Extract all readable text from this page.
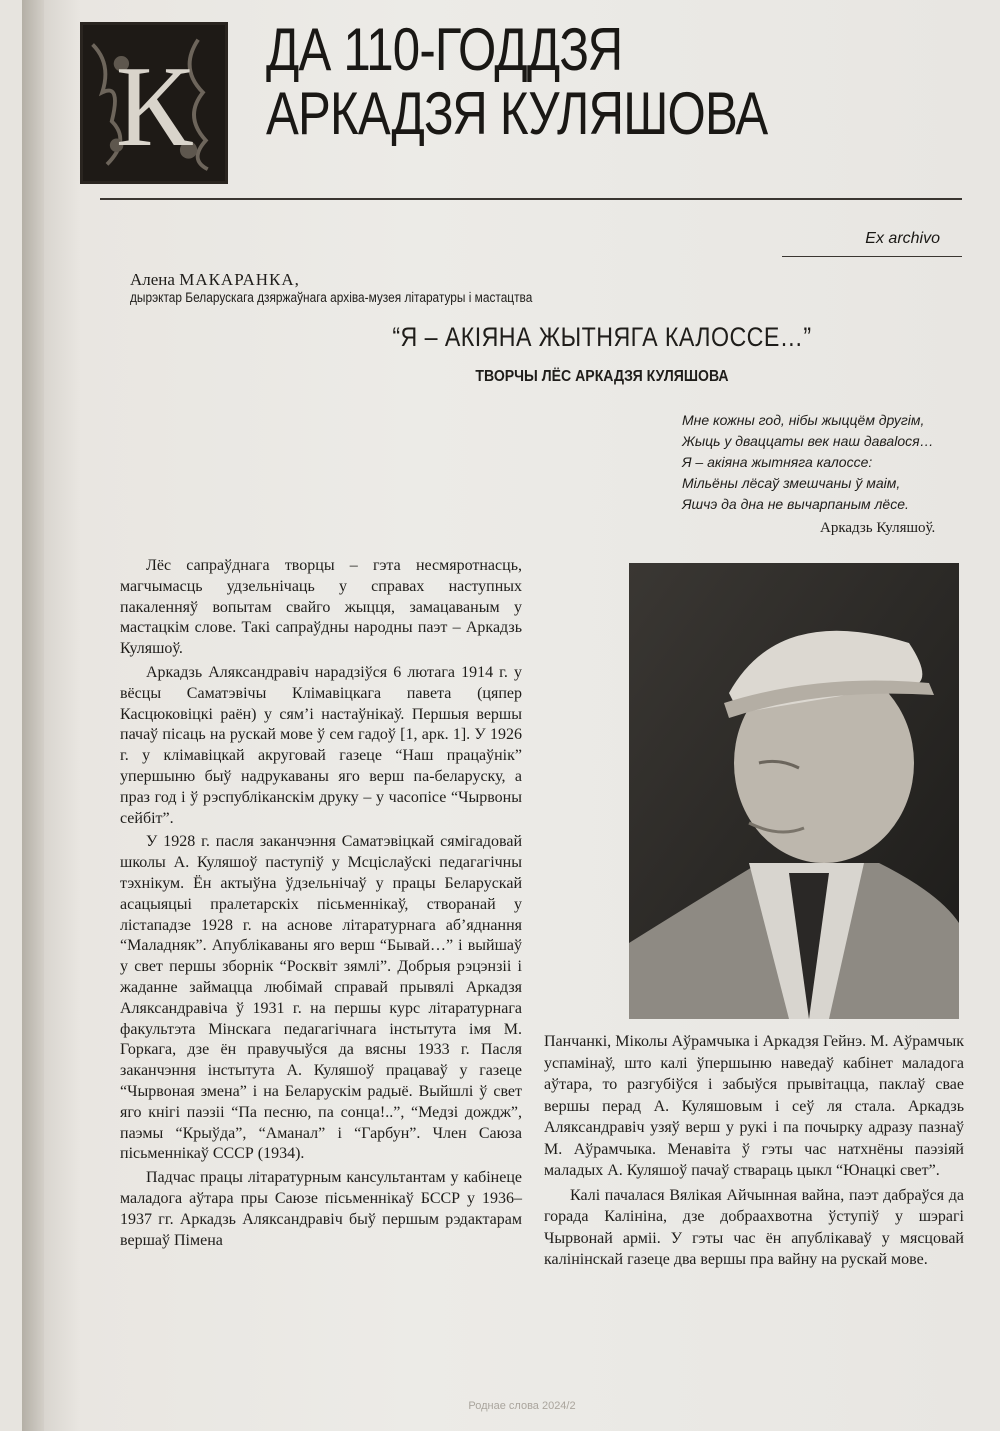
К ДА 110-ГОДДЗЯ
АРКАДЗЯ КУЛЯШОВА
Ex archivo
Алена МАКАРАНКА,
дырэктар Беларускага дзяржаўнага архіва-музея літаратуры і мастацтва
“Я – АКІЯНА ЖЫТНЯГА КАЛОССЕ…”
ТВОРЧЫ ЛЁС АРКАДЗЯ КУЛЯШОВА
Мне кожны год, нібы жыццём другім,
Жыць у дваццаты век наш даваlося…
Я – акіяна жытняга калоссе:
Мільёны лёсаў змешчаны ў маім,
Яшчэ да дна не вычарпаным лёсе.
Аркадзь Куляшоў.

Лёс сапраўднага творцы – гэта несмяротнасць, магчымасць удзельнічаць у справах наступных пакаленняў вопытам свайго жыцця, замацаваным у мастацкім слове. Такі сапраўдны народны паэт – Аркадзь Куляшоў.

Аркадзь Аляксандравіч нарадзіўся 6 лютага 1914 г. у вёсцы Саматэвічы Клімавіцкага павета (цяпер Касцюковіцкі раён) у сям’і настаўнікаў. Першыя вершы пачаў пісаць на рускай мове ў сем гадоў [1, арк. 1]. У 1926 г. у клімавіцкай акруговай газеце “Наш працаўнік” упершыню быў надрукаваны яго верш па-беларуску, а праз год і ў рэспубліканскім друку – у часопісе “Чырвоны сейбіт”.

У 1928 г. пасля заканчэння Саматэвіцкай сямігадовай школы А. Куляшоў паступіў у Мсціслаўскі педагагічны тэхнікум. Ён актыўна ўдзельнічаў у працы Беларускай асацыяцыі пралетарскіх пісьменнікаў, створанай у лістападзе 1928 г. на аснове літаратурнага аб’яднання “Маладняк”. Апублікаваны яго верш “Бывай…” і выйшаў у свет першы зборнік “Росквіт зямлі”. Добрыя рэцэнзіі і жаданне займацца любімай справай прывялі Аркадзя Аляксандравіча ў 1931 г. на першы курс літаратурнага факультэта Мінскага педагагічнага інстытута імя М. Горкага, дзе ён правучыўся да вясны 1933 г. Пасля заканчэння інстытута А. Куляшоў працаваў у газеце “Чырвоная змена” і на Беларускім радыё. Выйшлі ў свет яго кнігі паэзіі “Па песню, па сонца!..”, “Медзі дождж”, паэмы “Крыўда”, “Аманал” і “Гарбун”. Член Саюза пісьменнікаў СССР (1934).

Падчас працы літаратурным кансультантам у кабінеце маладога аўтара пры Саюзе пісьменнікаў БССР у 1936–1937 гг. Аркадзь Аляксандравіч быў першым рэдактарам вершаў Пімена

Панчанкі, Міколы Аўрамчыка і Аркадзя Гейнэ. М. Аўрамчык успамінаў, што калі ўпершыню наведаў кабінет маладога аўтара, то разгубіўся і забыўся прывітацца, паклаў свае вершы перад А. Куляшовым і сеў ля стала. Аркадзь Аляксандравіч узяў верш у рукі і па почырку адразу пазнаў М. Аўрамчыка. Менавіта ў гэты час натхнёны паэзіяй маладых А. Куляшоў пачаў ствараць цыкл “Юнацкі свет”.

Калі пачалася Вялікая Айчынная вайна, паэт дабраўся да горада Калініна, дзе добраахвотна ўступіў у шэрагі Чырвонай арміі. У гэты час ён апублікаваў у мясцовай калінінскай газеце два вершы пра вайну на рускай мове.

Роднае слова 2024/2
